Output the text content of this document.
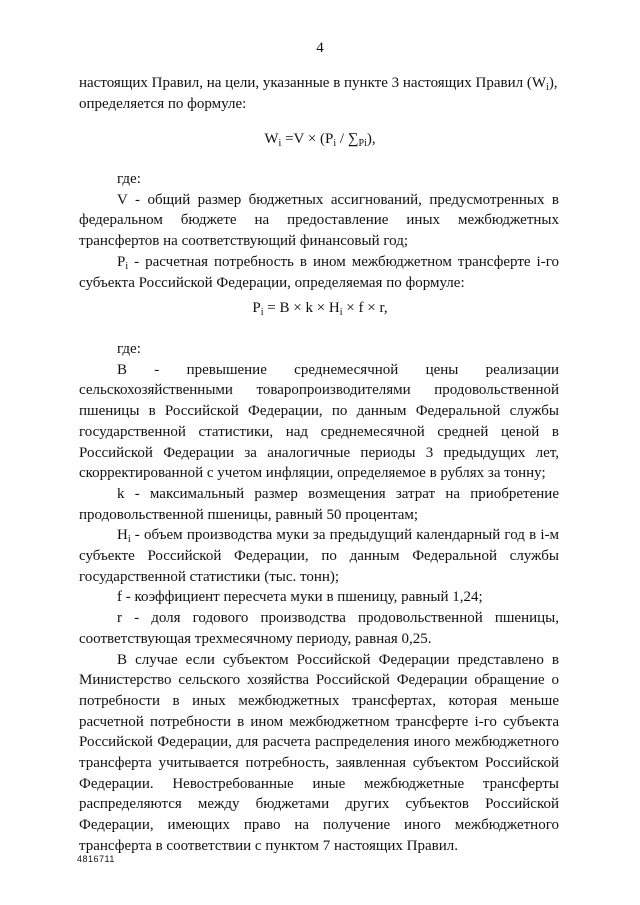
4

настоящих Правил, на цели, указанные в пункте 3 настоящих Правил $(W_i)$,

определяется по формуле:

$W_i =V \times (P_i / \sum_{Pi})$,

где:

V - общий размер бюджетных ассигнований, предусмотренных в федеральном бюджете на предоставление иных межбюджетных трансфертов на соответствующий финансовый год;

$P_i$ - расчетная потребность в ином межбюджетном трансферте i-го субъекта Российской Федерации, определяемая по формуле:

$P_i = B \times k \times H_i \times f \times r$,

где:

B - превышение среднемесячной цены реализации сельскохозяйственными товаропроизводителями продовольственной пшеницы в Российской Федерации, по данным Федеральной службы государственной статистики, над среднемесячной средней ценой в Российской Федерации за аналогичные периоды 3 предыдущих лет, скорректированной с учетом инфляции, определяемое в рублях за тонну;

k - максимальный размер возмещения затрат на приобретение продовольственной пшеницы, равный 50 процентам;

$H_i$ - объем производства муки за предыдущий календарный год в i-м субъекте Российской Федерации, по данным Федеральной службы государственной статистики (тыс. тонн);

f - коэффициент пересчета муки в пшеницу, равный 1,24;

r - доля годового производства продовольственной пшеницы, соответствующая трехмесячному периоду, равная 0,25.

В случае если субъектом Российской Федерации представлено в Министерство сельского хозяйства Российской Федерации обращение о потребности в иных межбюджетных трансфертах, которая меньше расчетной потребности в ином межбюджетном трансферте i-го субъекта Российской Федерации, для расчета распределения иного межбюджетного трансферта учитывается потребность, заявленная субъектом Российской Федерации. Невостребованные иные межбюджетные трансферты распределяются между бюджетами других субъектов Российской Федерации, имеющих право на получение иного межбюджетного трансферта в соответствии с пунктом 7 настоящих Правил.

4816711
